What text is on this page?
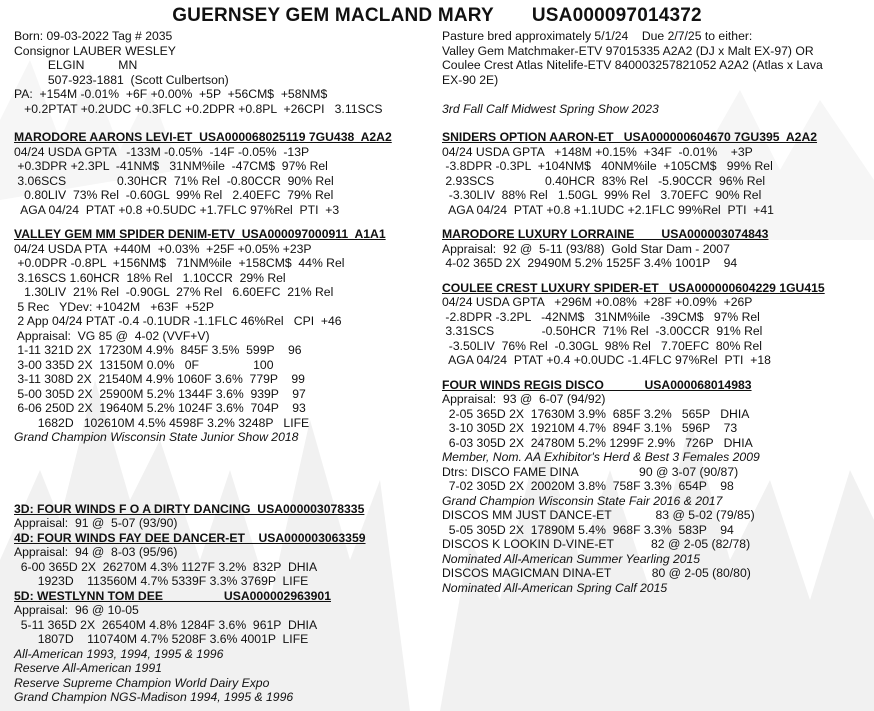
GUERNSEY GEM MACLAND MARY       USA000097014372
Born: 09-03-2022 Tag # 2035
Consignor LAUBER WESLEY
ELGIN          MN
507-923-1881  (Scott Culbertson)
PA:  +154M -0.01%  +6F +0.00%  +5P  +56CM$  +58NM$
+0.2PTAT +0.2UDC +0.3FLC +0.2DPR +0.8PL  +26CPI   3.11SCS
MARODORE AARONS LEVI-ET  USA000068025119 7GU438  A2A2
04/24 USDA GPTA   -133M -0.05%  -14F -0.05%  -13P
+0.3DPR +2.3PL  -41NM$   31NM%ile  -47CM$  97% Rel
3.06SCS               0.30HCR  71% Rel  -0.80CCR  90% Rel
0.80LIV  73% Rel  -0.60GL  99% Rel   2.40EFC  79% Rel
AGA 04/24  PTAT +0.8 +0.5UDC +1.7FLC 97%Rel  PTI  +3
VALLEY GEM MM SPIDER DENIM-ETV  USA000097000911  A1A1
04/24 USDA PTA  +440M  +0.03%  +25F +0.05% +23P
+0.0DPR -0.8PL  +156NM$   71NM%ile  +158CM$  44% Rel
3.16SCS 1.60HCR  18% Rel   1.10CCR  29% Rel
1.30LIV  21% Rel  -0.90GL  27% Rel   6.60EFC  21% Rel
5 Rec   YDev: +1042M   +63F  +52P
2 App 04/24 PTAT -0.4 -0.1UDR -1.1FLC 46%Rel   CPI  +46
Appraisal:  VG 85 @  4-02 (VVF+V)
1-11 321D 2X  17230M 4.9%  845F 3.5%  599P    96
3-00 335D 2X  13150M 0.0%   0F                100
3-11 308D 2X  21540M 4.9% 1060F 3.6%  779P    99
5-00 305D 2X  25900M 5.2% 1344F 3.6%  939P    97
6-06 250D 2X  19640M 5.2% 1024F 3.6%  704P    93
1682D   102610M 4.5% 4598F 3.2% 3248P   LIFE
Grand Champion Wisconsin State Junior Show 2018
3D: FOUR WINDS F O A DIRTY DANCING  USA000003078335
Appraisal:  91 @  5-07 (93/90)
4D: FOUR WINDS FAY DEE DANCER-ET    USA000003063359
Appraisal:  94 @  8-03 (95/96)
6-00 365D 2X  26270M 4.3% 1127F 3.2%  832P  DHIA
1923D    113560M 4.7% 5339F 3.3% 3769P  LIFE
5D: WESTLYNN TOM DEE                  USA000002963901
Appraisal:  96 @ 10-05
5-11 365D 2X  26540M 4.8% 1284F 3.6%  961P  DHIA
1807D    110740M 4.7% 5208F 3.6% 4001P  LIFE
All-American 1993, 1994, 1995 & 1996
Reserve All-American 1991
Reserve Supreme Champion World Dairy Expo
Grand Champion NGS-Madison 1994, 1995 & 1996
Pasture bred approximately 5/1/24    Due 2/7/25 to either:
Valley Gem Matchmaker-ETV 97015335 A2A2 (DJ x Malt EX-97) OR
Coulee Crest Atlas Nitelife-ETV 840003257821052 A2A2 (Atlas x Lava
EX-90 2E)
3rd Fall Calf Midwest Spring Show 2023
SNIDERS OPTION AARON-ET   USA000000604670 7GU395  A2A2
04/24 USDA GPTA   +148M +0.15%  +34F  -0.01%    +3P
-3.8DPR -0.3PL  +104NM$   40NM%ile  +105CM$   99% Rel
2.93SCS               0.40HCR  83% Rel   -5.90CCR  96% Rel
-3.30LIV  88% Rel   1.50GL  99% Rel   3.70EFC  90% Rel
AGA 04/24  PTAT +0.8 +1.1UDC +2.1FLC 99%Rel  PTI  +41
MARODORE LUXURY LORRAINE        USA000003074843
Appraisal:  92 @  5-11 (93/88)  Gold Star Dam - 2007
4-02 365D 2X  29490M 5.2% 1525F 3.4% 1001P    94
COULEE CREST LUXURY SPIDER-ET   USA000000604229 1GU415
04/24 USDA GPTA   +296M +0.08%  +28F +0.09%  +26P
-2.8DPR -3.2PL   -42NM$   31NM%ile   -39CM$   97% Rel
3.31SCS              -0.50HCR  71% Rel  -3.00CCR  91% Rel
-3.50LIV  76% Rel  -0.30GL  98% Rel   7.70EFC  80% Rel
AGA 04/24  PTAT +0.4 +0.0UDC -1.4FLC 97%Rel  PTI  +18
FOUR WINDS REGIS DISCO            USA000068014983
Appraisal:  93 @  6-07 (94/92)
2-05 365D 2X  17630M 3.9%  685F 3.2%   565P   DHIA
3-10 305D 2X  19210M 4.7%  894F 3.1%   596P    73
6-03 305D 2X  24780M 5.2% 1299F 2.9%   726P   DHIA
Member, Nom. AA Exhibitor's Herd & Best 3 Females 2009
Dtrs: DISCO FAME DINA                  90 @ 3-07 (90/87)
7-02 305D 2X  20020M 3.8%  758F 3.3%  654P    98
Grand Champion Wisconsin State Fair 2016 & 2017
DISCOS MM JUST DANCE-ET             83 @ 5-02 (79/85)
5-05 305D 2X  17890M 5.4%  968F 3.3%  583P    94
DISCOS K LOOKIN D-VINE-ET           82 @ 2-05 (82/78)
Nominated All-American Summer Yearling 2015
DISCOS MAGICMAN DINA-ET            80 @ 2-05 (80/80)
Nominated All-American Spring Calf 2015
